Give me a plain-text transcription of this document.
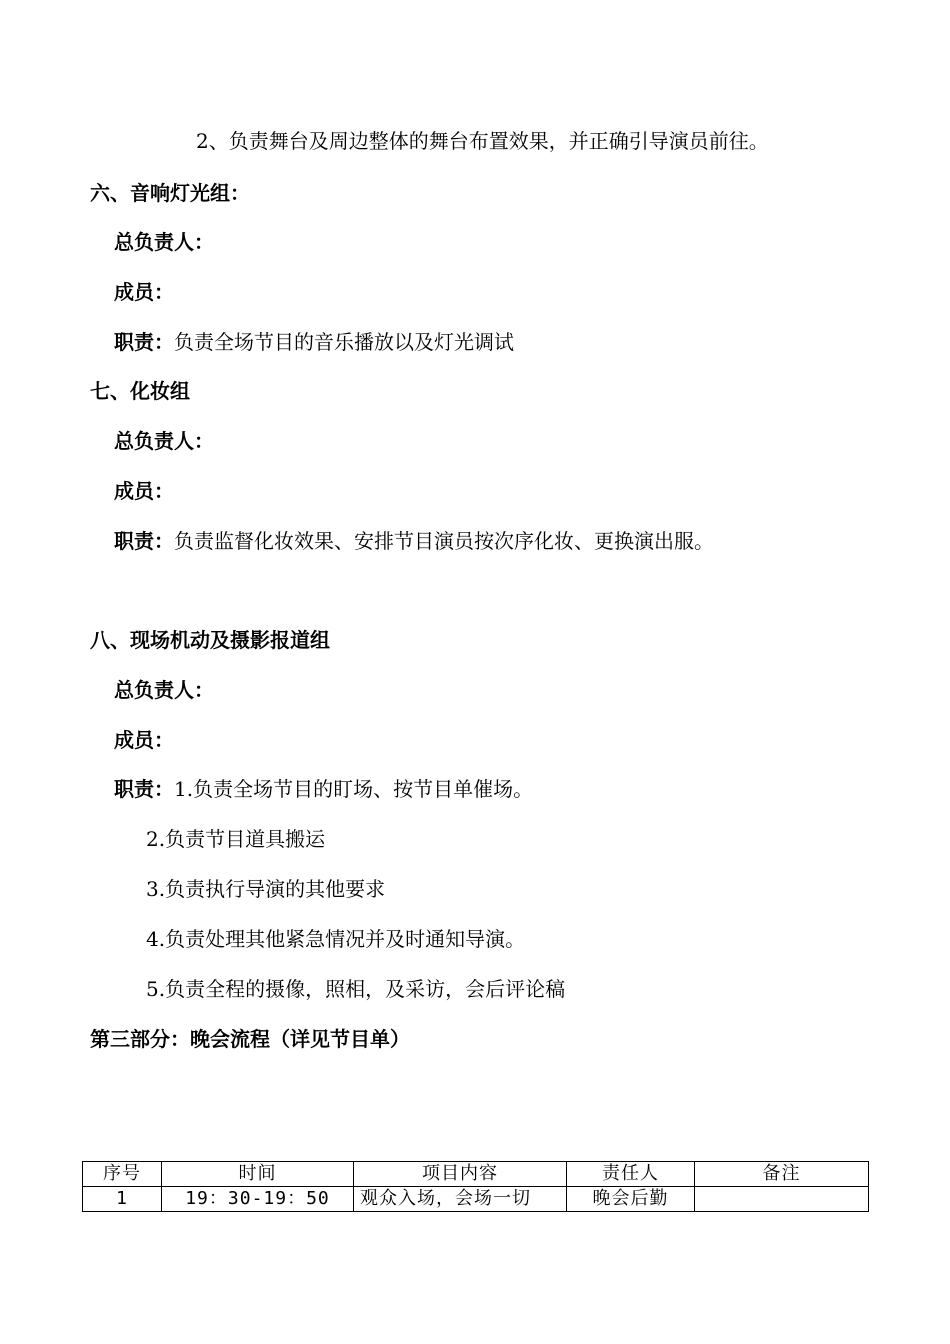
2、负责舞台及周边整体的舞台布置效果，并正确引导演员前往。
六、音响灯光组：
总负责人：
成员：
职责：负责全场节目的音乐播放以及灯光调试
七、化妆组
总负责人：
成员：
职责：负责监督化妆效果、安排节目演员按次序化妆、更换演出服。
八、现场机动及摄影报道组
总负责人：
成员：
职责：1.负责全场节目的盯场、按节目单催场。
2.负责节目道具搬运
3.负责执行导演的其他要求
4.负责处理其他紧急情况并及时通知导演。
5.负责全程的摄像，照相，及采访，会后评论稿
第三部分：晚会流程（详见节目单）
序号	时间	项目内容	责任人	备注
1	19：30-19：50	观众入场，会场一切	晚会后勤	
